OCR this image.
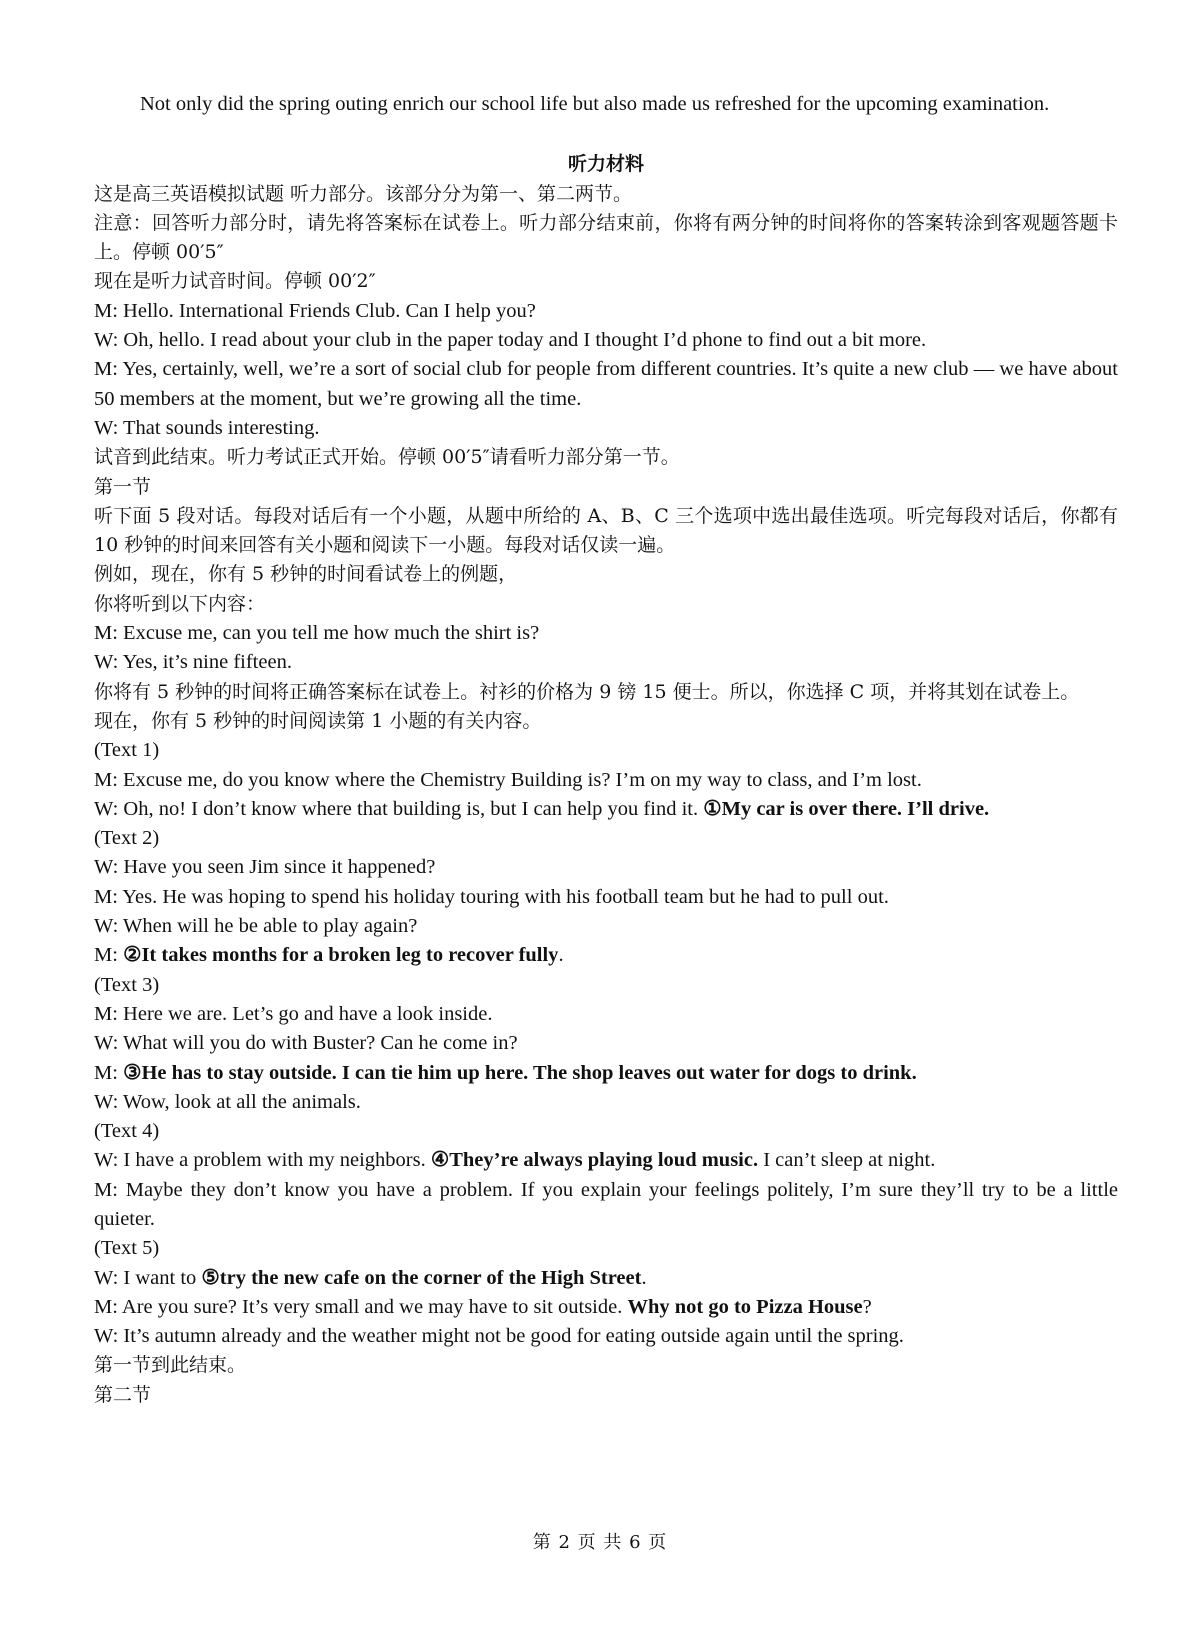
Not only did the spring outing enrich our school life but also made us refreshed for the upcoming examination.

听力材料

这是高三英语模拟试题 听力部分。该部分分为第一、第二两节。

注意：回答听力部分时，请先将答案标在试卷上。听力部分结束前，你将有两分钟的时间将你的答案转涂到客观题答题卡上。停顿 00′5″

现在是听力试音时间。停顿 00′2″

M: Hello. International Friends Club. Can I help you?

W: Oh, hello. I read about your club in the paper today and I thought I’d phone to find out a bit more.

M: Yes, certainly, well, we’re a sort of social club for people from different countries. It’s quite a new club — we have about 50 members at the moment, but we’re growing all the time.

W: That sounds interesting.

试音到此结束。听力考试正式开始。停顿 00′5″请看听力部分第一节。

第一节

听下面 5 段对话。每段对话后有一个小题，从题中所给的 A、B、C 三个选项中选出最佳选项。听完每段对话后，你都有 10 秒钟的时间来回答有关小题和阅读下一小题。每段对话仅读一遍。

例如，现在，你有 5 秒钟的时间看试卷上的例题，

你将听到以下内容：

M: Excuse me, can you tell me how much the shirt is?

W: Yes, it’s nine fifteen.

你将有 5 秒钟的时间将正确答案标在试卷上。衬衫的价格为 9 镑 15 便士。所以，你选择 C 项，并将其划在试卷上。

现在，你有 5 秒钟的时间阅读第 1 小题的有关内容。

(Text 1)

M: Excuse me, do you know where the Chemistry Building is? I’m on my way to class, and I’m lost.

W: Oh, no! I don’t know where that building is, but I can help you find it. ①My car is over there. I’ll drive.

(Text 2)

W: Have you seen Jim since it happened?

M: Yes. He was hoping to spend his holiday touring with his football team but he had to pull out.

W: When will he be able to play again?

M: ②It takes months for a broken leg to recover fully.

(Text 3)

M: Here we are. Let’s go and have a look inside.

W: What will you do with Buster? Can he come in?

M: ③He has to stay outside. I can tie him up here. The shop leaves out water for dogs to drink.

W: Wow, look at all the animals.

(Text 4)

W: I have a problem with my neighbors. ④They’re always playing loud music. I can’t sleep at night.

M: Maybe they don’t know you have a problem. If you explain your feelings politely, I’m sure they’ll try to be a little quieter.

(Text 5)

W: I want to ⑤try the new cafe on the corner of the High Street.

M: Are you sure? It’s very small and we may have to sit outside. Why not go to Pizza House?

W: It’s autumn already and the weather might not be good for eating outside again until the spring.

第一节到此结束。

第二节

第 2 页 共 6 页
